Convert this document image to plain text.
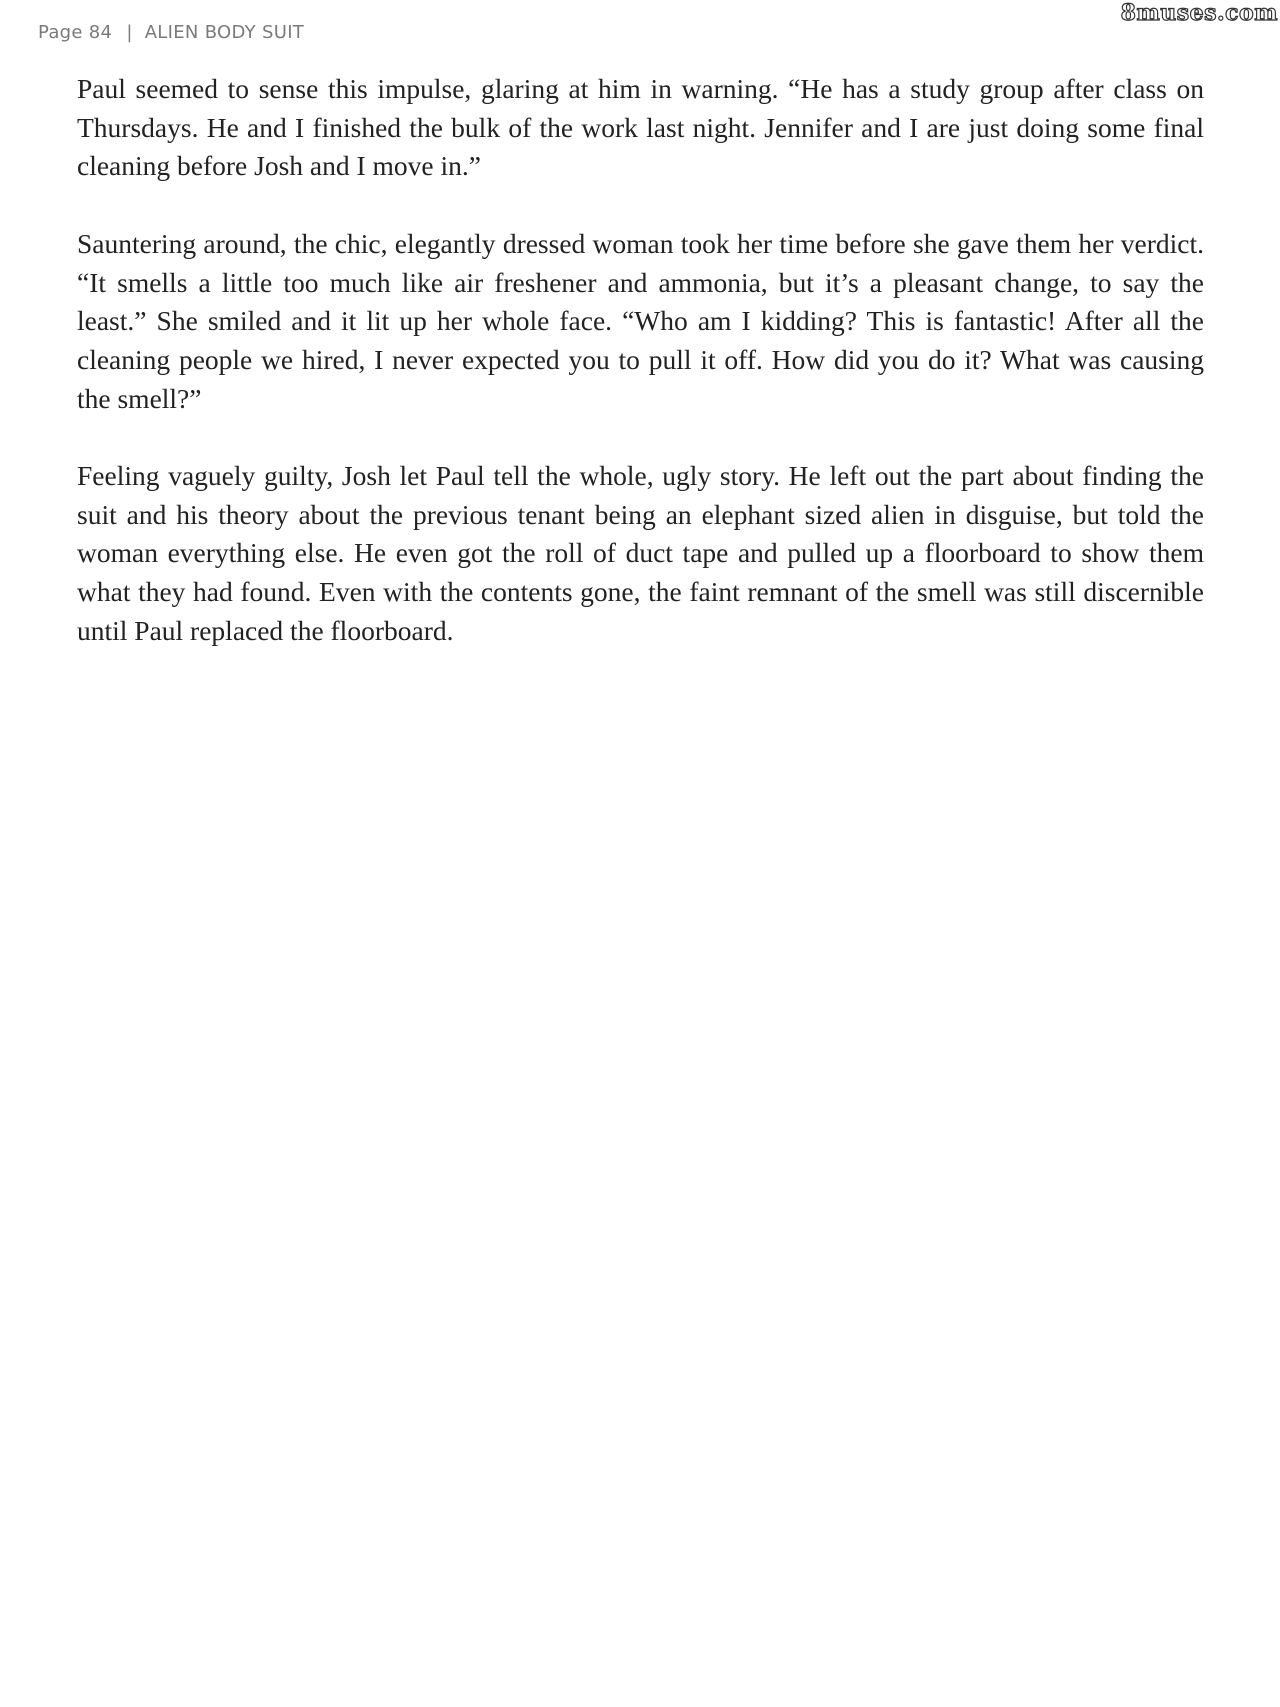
Page 84 | ALIEN BODY SUIT
8muses.com

Paul seemed to sense this impulse, glaring at him in warning. “He has a study group after class on Thursdays. He and I finished the bulk of the work last night. Jennifer and I are just doing some final cleaning before Josh and I move in.”

Sauntering around, the chic, elegantly dressed woman took her time before she gave them her verdict. “It smells a little too much like air freshener and ammonia, but it’s a pleasant change, to say the least.” She smiled and it lit up her whole face. “Who am I kidding? This is fantastic! After all the cleaning people we hired, I never expected you to pull it off. How did you do it? What was causing the smell?”

Feeling vaguely guilty, Josh let Paul tell the whole, ugly story. He left out the part about finding the suit and his theory about the previous tenant being an elephant sized alien in disguise, but told the woman everything else. He even got the roll of duct tape and pulled up a floorboard to show them what they had found. Even with the contents gone, the faint remnant of the smell was still discernible until Paul replaced the floorboard.
